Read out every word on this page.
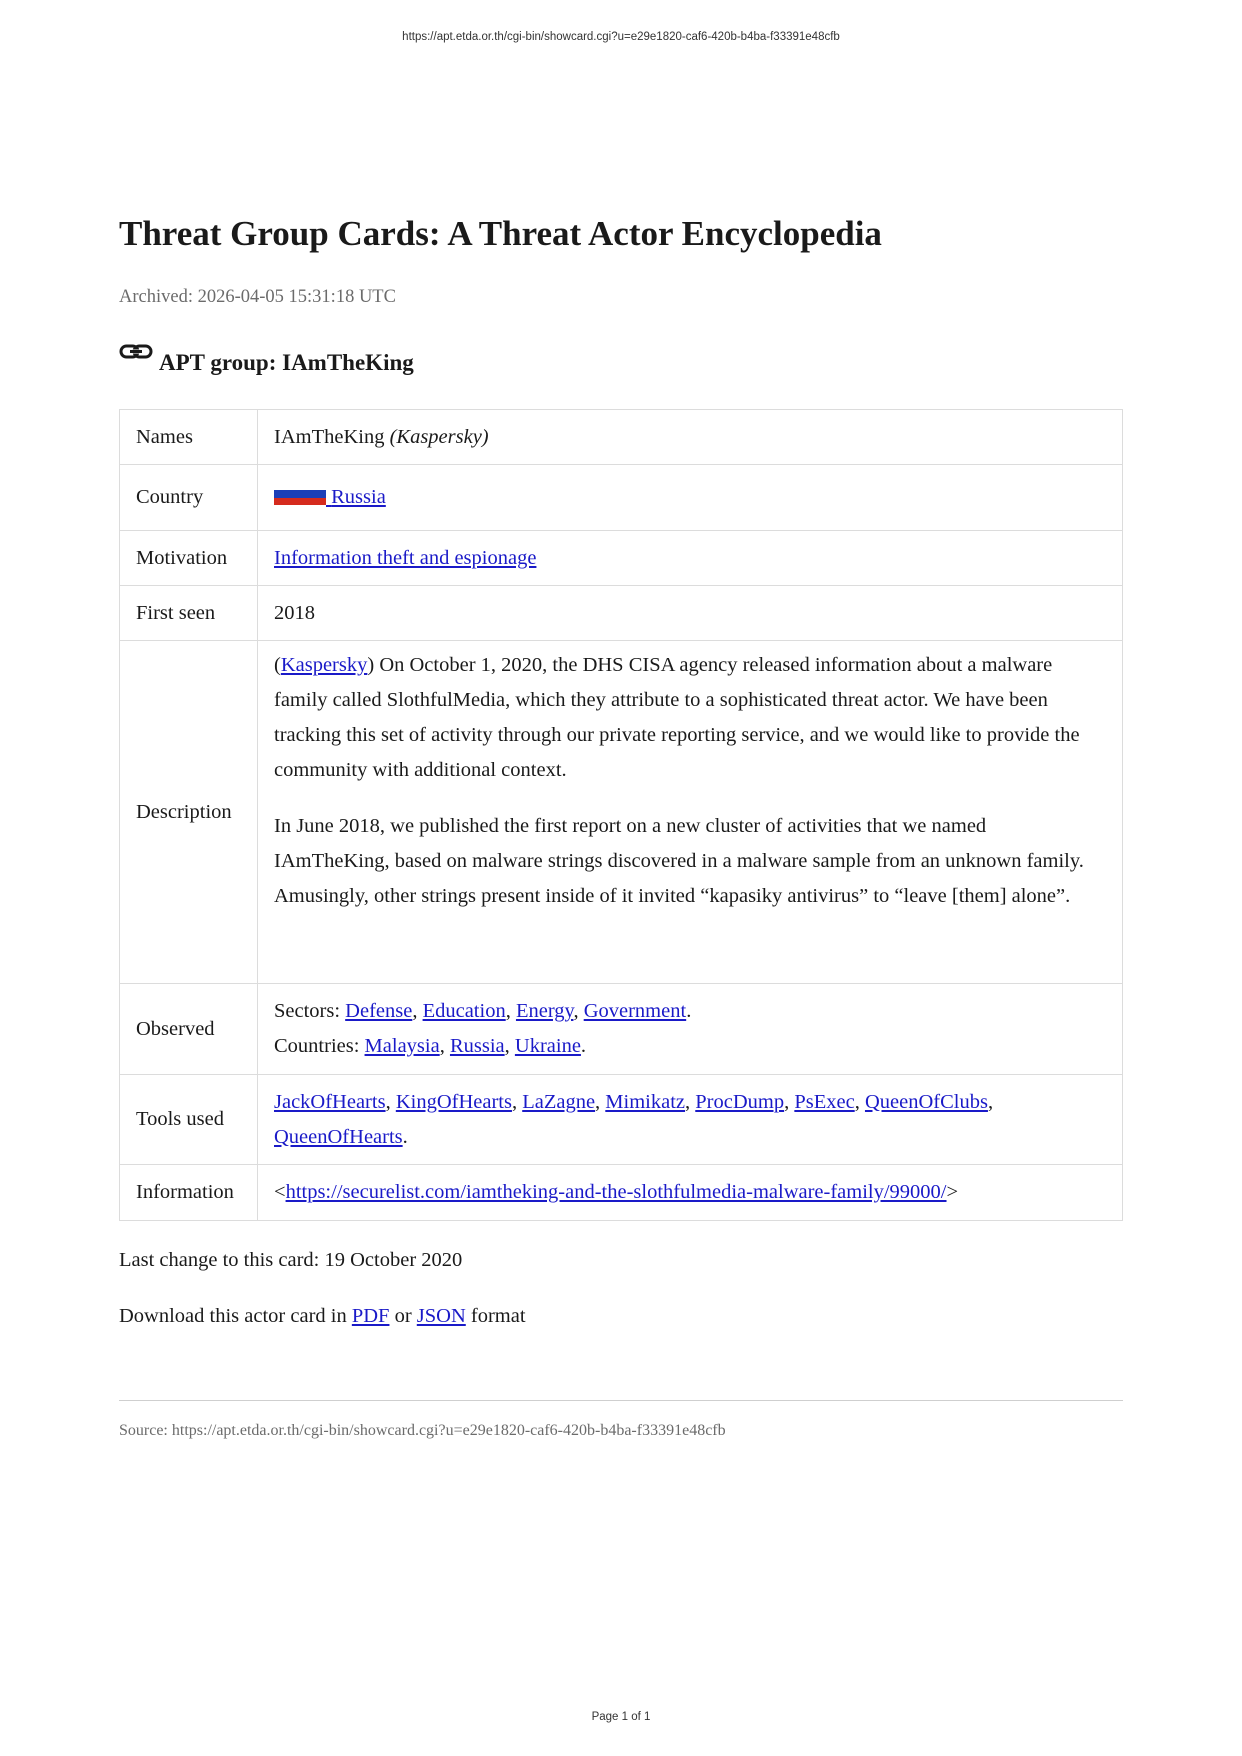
https://apt.etda.or.th/cgi-bin/showcard.cgi?u=e29e1820-caf6-420b-b4ba-f33391e48cfb
Threat Group Cards: A Threat Actor Encyclopedia
Archived: 2026-04-05 15:31:18 UTC
APT group: IAmTheKing
Names	IAmTheKing (Kaspersky)
Country	Russia
Motivation	Information theft and espionage
First seen	2018
Description	(Kaspersky) On October 1, 2020, the DHS CISA agency released information about a malware family called SlothfulMedia, which they attribute to a sophisticated threat actor. We have been tracking this set of activity through our private reporting service, and we would like to provide the community with additional context.

In June 2018, we published the first report on a new cluster of activities that we named IAmTheKing, based on malware strings discovered in a malware sample from an unknown family. Amusingly, other strings present inside of it invited “kapasiky antivirus” to “leave [them] alone”.

Observed	Sectors: Defense, Education, Energy, Government.
Countries: Malaysia, Russia, Ukraine.

Tools used	JackOfHearts, KingOfHearts, LaZagne, Mimikatz, ProcDump, PsExec, QueenOfClubs, QueenOfHearts.
Information	<https://securelist.com/iamtheking-and-the-slothfulmedia-malware-family/99000/>
Last change to this card: 19 October 2020
Download this actor card in PDF or JSON format
Source: https://apt.etda.or.th/cgi-bin/showcard.cgi?u=e29e1820-caf6-420b-b4ba-f33391e48cfb
Page 1 of 1
